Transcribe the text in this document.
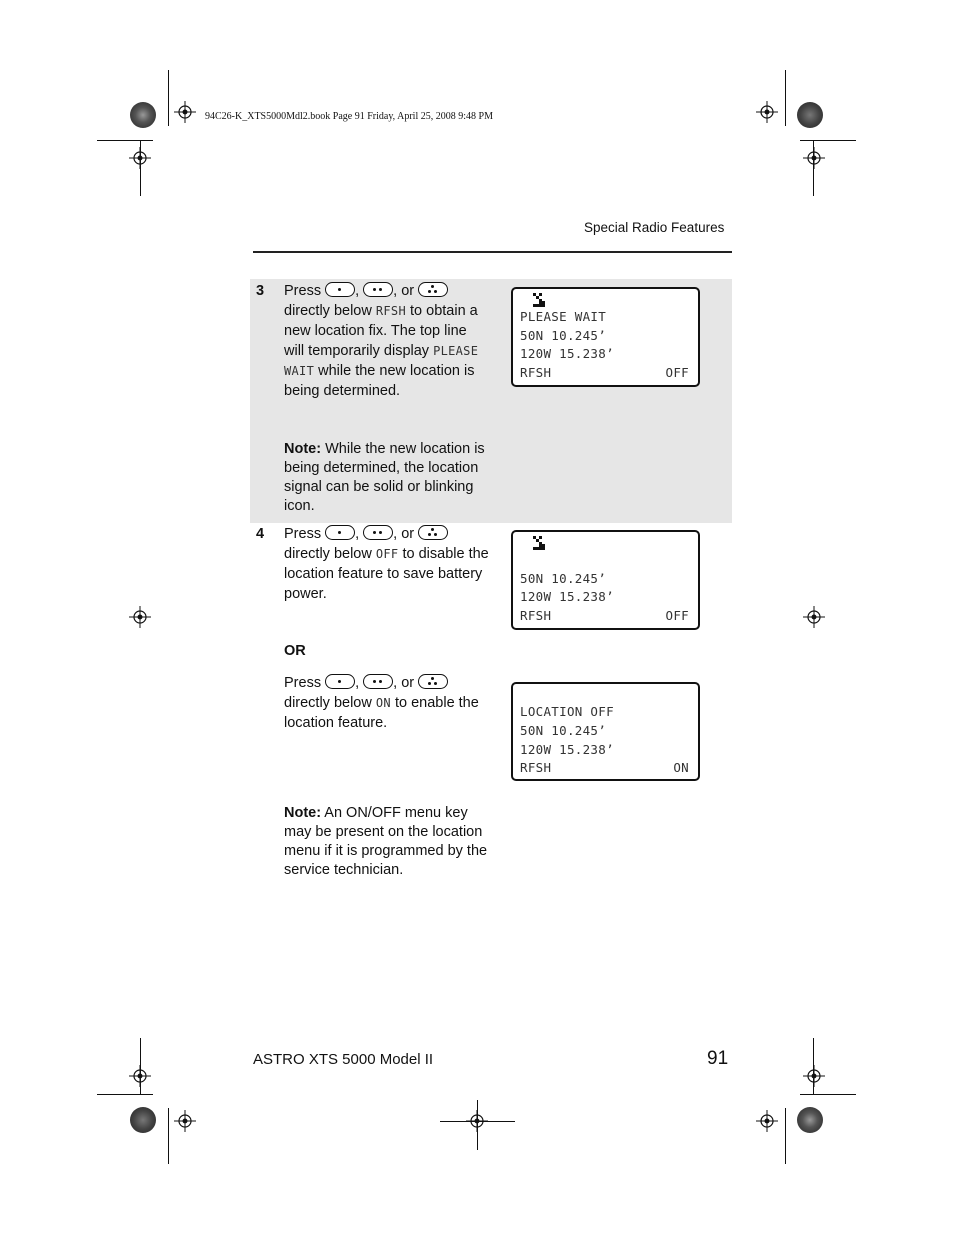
94C26-K_XTS5000Mdl2.book Page 91 Friday, April 25, 2008 9:48 PM
Special Radio Features
3 Press
,
, or

directly below RFSH to obtain a new location fix. The top line will temporarily display PLEASE WAIT while the new location is being determined.
Note: While the new location is being determined, the location signal can be solid or blinking icon.
PLEASE WAIT
50N 10.245’
120W 15.238’
RFSH	OFF
4 Press
,
, or

directly below OFF to disable the location feature to save battery power.
50N 10.245’
120W 15.238’
RFSH	OFF
OR
Press
,
, or

directly below ON to enable the location feature.
LOCATION OFF
50N 10.245’
120W 15.238’
RFSH	ON
Note: An ON/OFF menu key may be present on the location menu if it is programmed by the service technician.
ASTRO XTS 5000 Model II	91
